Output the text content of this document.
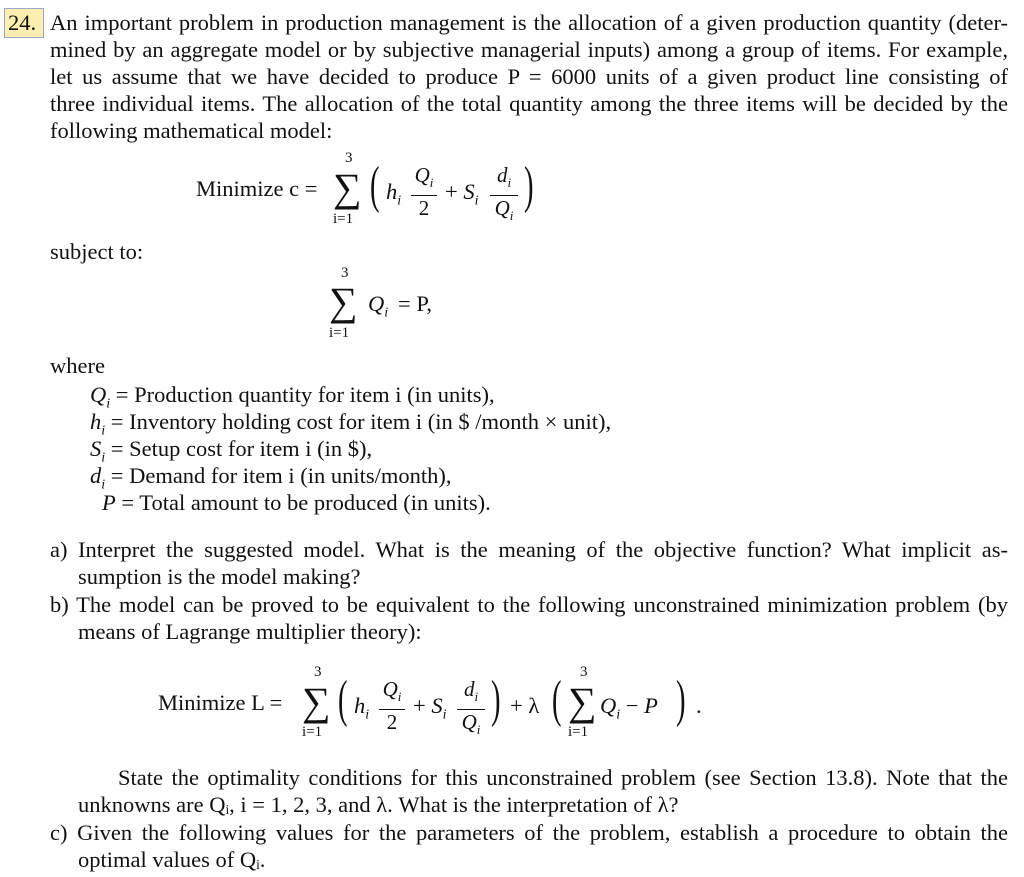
24. An important problem in production management is the allocation of a given production quantity (deter-
mined by an aggregate model or by subjective managerial inputs) among a group of items. For example,
let us assume that we have decided to produce P = 6000 units of a given product line consisting of
three individual items. The allocation of the total quantity among the three items will be decided by the
following mathematical model:
Minimize c =
3
∑
i=1
( $h_i$
$Q_i$
2
+ $S_i$
$d_i$
$Q_i$
)
subject to:
3
∑
i=1
$Q_i = P$,
where
$Q_i$ = Production quantity for item i (in units),
$h_i$ = Inventory holding cost for item i (in $ /month × unit),
$S_i$ = Setup cost for item i (in $),
$d_i$ = Demand for item i (in units/month),
P = Total amount to be produced (in units).
a) Interpret the suggested model. What is the meaning of the objective function? What implicit as-
sumption is the model making?
b) The model can be proved to be equivalent to the following unconstrained minimization problem (by
means of Lagrange multiplier theory):
Minimize L =
3
∑
i=1
( $h_i$
$Q_i$
2
+ $S_i$
$d_i$
$Q_i$
) + λ ( 3
∑
i=1
$Q_i - P$ ) .
State the optimality conditions for this unconstrained problem (see Section 13.8). Note that the
unknowns are Qᵢ, i = 1, 2, 3, and λ. What is the interpretation of λ?
c) Given the following values for the parameters of the problem, establish a procedure to obtain the
optimal values of Qᵢ.
